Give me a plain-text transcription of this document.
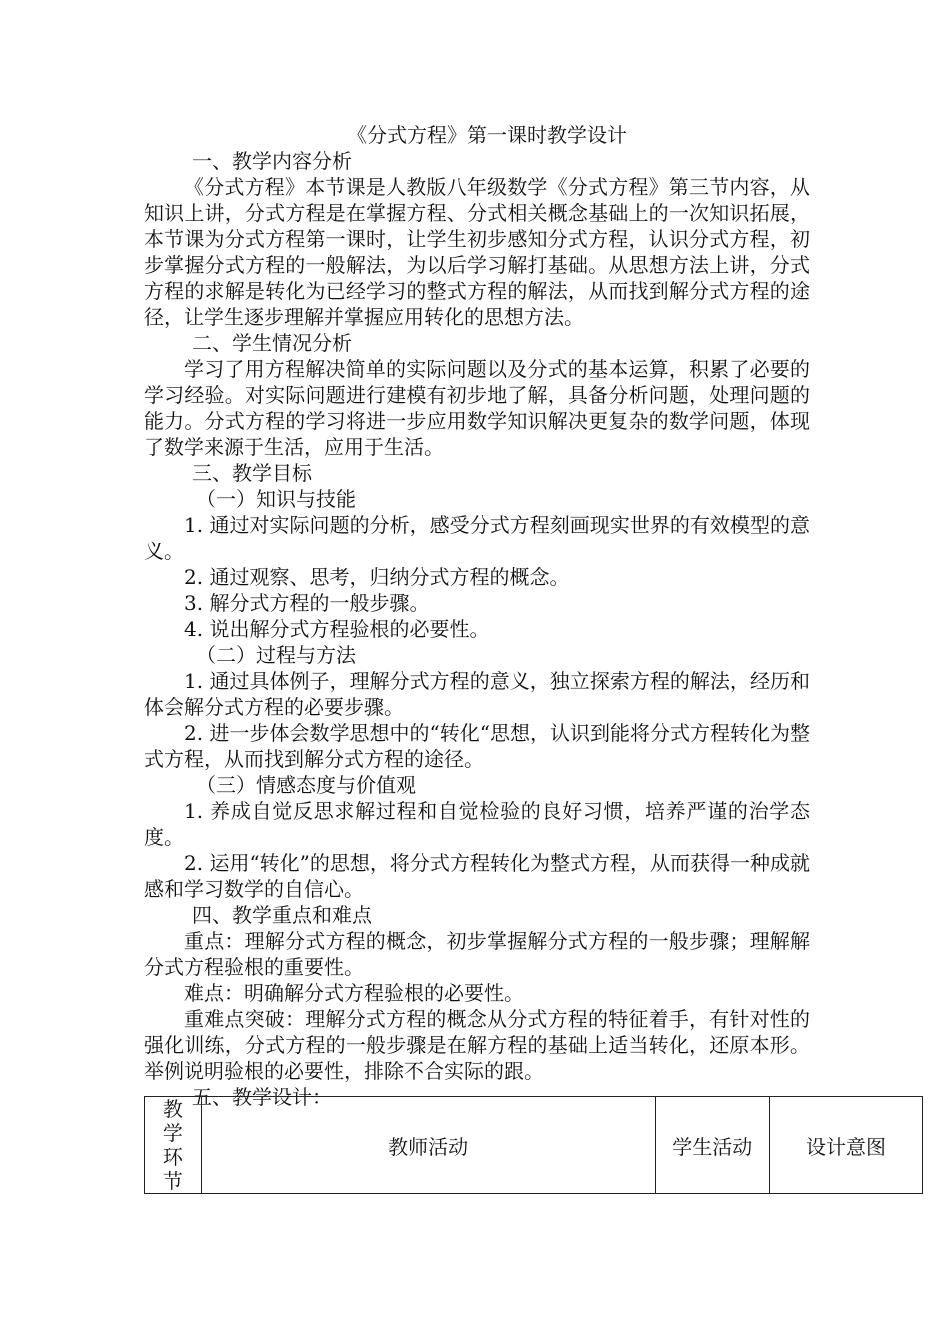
《分式方程》第一课时教学设计

一、教学内容分析

《分式方程》本节课是人教版八年级数学《分式方程》第三节内容，从知识上讲，分式方程是在掌握方程、分式相关概念基础上的一次知识拓展，本节课为分式方程第一课时，让学生初步感知分式方程，认识分式方程，初步掌握分式方程的一般解法，为以后学习解打基础。从思想方法上讲，分式方程的求解是转化为已经学习的整式方程的解法，从而找到解分式方程的途径，让学生逐步理解并掌握应用转化的思想方法。

二、学生情况分析

学习了用方程解决简单的实际问题以及分式的基本运算，积累了必要的学习经验。对实际问题进行建模有初步地了解，具备分析问题，处理问题的能力。分式方程的学习将进一步应用数学知识解决更复杂的数学问题，体现了数学来源于生活，应用于生活。

三、教学目标

（一）知识与技能

1. 通过对实际问题的分析，感受分式方程刻画现实世界的有效模型的意义。

2. 通过观察、思考，归纳分式方程的概念。

3. 解分式方程的一般步骤。

4. 说出解分式方程验根的必要性。

（二）过程与方法

1. 通过具体例子，理解分式方程的意义，独立探索方程的解法，经历和体会解分式方程的必要步骤。

2. 进一步体会数学思想中的“转化“思想，认识到能将分式方程转化为整式方程，从而找到解分式方程的途径。

（三）情感态度与价值观

1. 养成自觉反思求解过程和自觉检验的良好习惯，培养严谨的治学态度。

2. 运用“转化”的思想，将分式方程转化为整式方程，从而获得一种成就感和学习数学的自信心。

四、教学重点和难点

重点：理解分式方程的概念，初步掌握解分式方程的一般步骤；理解解分式方程验根的重要性。

难点：明确解分式方程验根的必要性。

重难点突破：理解分式方程的概念从分式方程的特征着手，有针对性的强化训练，分式方程的一般步骤是在解方程的基础上适当转化，还原本形。举例说明验根的必要性，排除不合实际的跟。

五、教学设计：

教
学
环
节
	教师活动	学生活动	设计意图
